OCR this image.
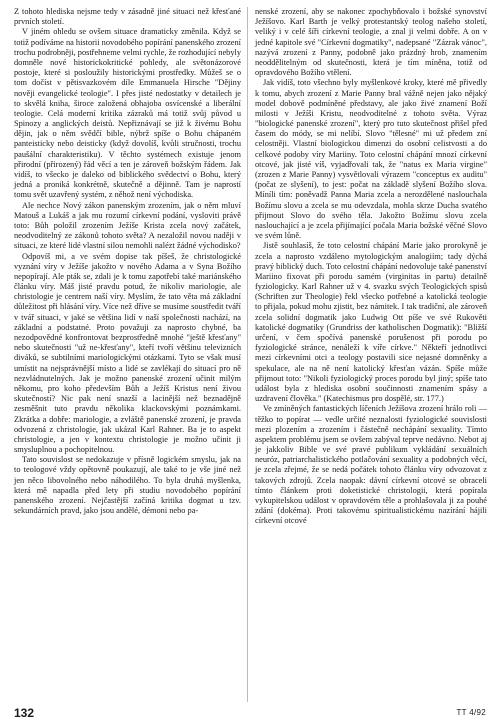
Z tohoto hlediska nejsme tedy v zásadně jiné situaci než křesťané prvních století.

V jiném ohledu se ovšem situace dramaticky změnila. Když se totiž podíváme na historii novodobého popírání panenského zrození trochu podrobněji, postřehneme velmi rychle, že rozhodující nebyly domněle nové historickokritické pohledy, ale světonázorové postoje, které si posloužily historickými prostředky. Můžeš se o tom dočíst v pětisvazkovém díle Emmanuela Hirsche "Dějiny nověji evangelické teologie". I přes jisté nedostatky v detailech je to skvělá kniha, široce založená obhajoba osvícenské a liberální teologie. Celá moderní kritika zázraků má totiž svůj původ u Spinozy a anglických deistů. Nepřiznávají se již k živému Bohu dějin, jak o něm svědčí bible, nýbrž spíše o Bohu chápaném panteisticky nebo deisticky (když dovolíš, kvůli stručnosti, trochu paušální charakteristiku). V těchto systémech existuje jenom přirodní (přirozený) řád věcí a ten je zároveň božským řádem. Jak vidíš, to všecko je daleko od biblického svědectví o Bohu, který jedná a proniká konkrétně, skutečně a dějinně. Tam je naprostí tomu svět uzavřený systém, z něhož není východiska.

Ale nechce Nový zákon panenským zrozením, jak o něm mluví Matouš a Lukáš a jak mu rozumí církevní podání, vysloviti právě toto: Bůh položil zrozením Ježíše Krista zcela nový začátek, neodvoditelný ze zákonů tohoto světa? A nezaložil novou naději v situaci, ze které lidé vlastní silou nemohli nalézt žádné východisko?

Odpovíš mi, a ve svém dopise tak píšeš, že christologické vyznání víry v Ježíše jakožto v nového Adama a v Syna Božího nepopírají. Ale pták se, zdali je k tomu zapotřebí také mariánského článku víry. Máš jisté pravdu potud, že nikoliv mariologie, ale christologie je centrem naší víry. Myslím, že tato věta má základní důležitost při hlásání víry. Více než dříve se musíme soustředit tváří v tvář situaci, v jaké se většina lidí v naší společnosti nachází, na základní a podstatné. Proto považuji za naprosto chybné, ba nezodpovědné konfrontovat bezprostředně mnohé "ještě křesťany" nebo skutečnosti "už ne-křesťany", kteří tvoří většinu televizních diváků, se subtilními mariologickými otázkami. Tyto se však musí umístit na nejsprávnější místo a lidé se zavlékají do situací pro ně nezvládnutelných. Jak je možno panenské zrození učinit milým někomu, pro koho především Bůh a Ježíš Kristus není živou skutečností? Nic pak není snazší a lacinější než beznadějně zesměšnit tuto pravdu několika klackovskými poznámkami. Zkrátka a dobře: mariologie, a zvláště panenské zrození, je pravda odvozená z christologie, jak ukázal Karl Rahner. Ba je to aspekt christologie, a jen v kontextu christologie je možno učinit ji smysluplnou a pochopitelnou.

Tato souvislost se nedokazuje v přísně logickém smyslu, jak na to teologové vždy opětovně poukazují, ale také to je vše jiné než jen něco libovolného nebo náhodilého. To byla druhá myšlenka, která mě napadla před lety při studiu novodobého popírání panenského zrození. Nejčastější začíná kritika dogmat u tzv. sekundárních pravd, jako jsou andělé, démoni nebo pa-

nenské zrození, aby se nakonec zpochybňovalo i božské synovství Ježíšovo. Karl Barth je velký protestantský teolog našeho století, veliký i v celé šíři církevní teologie, a znal ji velmi dobře. A on v jedné kapitole své "Církevní dogmatiky", nadepsané "Zázrak vánoc", nazývá zrození z Panny, podobně jako prázdný hrob, znamením neoddělitelným od skutečnosti, která je tím míněna, totiž od opravdového Božího vtělení.

Jak vidíš, toto všechno byly myšlenkové kroky, které mě přivedly k tomu, abych zrození z Marie Panny bral vážně nejen jako nějaký model dobově podmíněné představy, ale jako živé znamení Boží milosti v Ježíši Kristu, neodvoditelné z tohoto světa. Výraz "biologické panenské zrození", který pro tuto skutečnost přišel před časem do módy, se mi nelíbí. Slovo "tělesné" mi už předem zní celostněji. Vlastní biologickou dimenzi do osobní celistvosti a do celkové podoby víry Mariiny. Toto celostní chápání mnozí církevní otcové, jak jisté víš, vyjadřovali tak, že "natus ex Maria virgine" (zrozen z Marie Panny) vysvětlovali výrazem "conceptus ex auditu" (počat ze slyšení), to jest: počat na základě slyšení Božího slova. Míníli tím: poněvadž Panna Maria zcela a nerozdělené naslouchala Božímu slovu a zcela se mu odevzdala, mohla skrze Ducha svatého přijmout Slovo do svého těla. Jakožto Božímu slovu zcela naslouchající a je zcela přijímající počala Maria božské věčné Slovo ve svém lůně.

Jistě souhlasíš, že toto celostní chápání Marie jako prorokyně je zcela a naprosto vzdáleno mytologickým analogiím; tady dýchá pravý biblický duch. Toto celostní chápání nedovoluje také panenství Mariino fixovat při porodu samém (virginitas in partu) detailně fyziologicky. Karl Rahner už v 4. svazku svých Teologických spisů (Schriften zur Theologie) řekl všecko potřebné a katolická teologie to přijala, pokud mohu zjistit, bez námitek. I tak tradiční, ale zároveň zcela solidní dogmatik jako Ludwig Ott píše ve své Rukověti katolické dogmatiky (Grundriss der katholischen Dogmatik): "Bližší určení, v čem spočívá panenské porušenost při porodu po fyziologické stránce, nenáleží k víře církve." Někteří jednotlivci mezi církevními otci a teology postavili sice nejasné domněnky a spekulace, ale na ně není katolický křesťan vázán. Spíše může přijmout toto: "Nikoli fyziologický proces porodu byl jiný; spíše tato událost byla z hlediska osobní součinnosti znamením spásy a uzdravení člověka." (Katechismus pro dospělé, str. 177.)

Ve zmíněných fantastických líčeních Ježíšova zrození hrálo roli — těžko to popírat — vedle určité neznalosti fyziologické souvislosti mezi plozením a zrozením i částečně nechápání sexuality. Tímto aspektem problému jsem se ovšem zabýval teprve nedávno. Nebot aj je jakkoliv Bible ve své pravé publikum vykládání sexuálních neuróz, patriarchalistického potlačování sexuality a podobných věcí, je zcela zřejmé, že se nedá počátek tohoto článku víry odvozovat z takových zdrojů. Zcela naopak: dávní církevní otcové se obraceli tímto článkem proti doketistické christologii, která popírala vykupitelskou událost v opravdovém těle a prohlašovala ji za pouhé zdání (dokéma). Proti takovému spiritualistickému nazírání hájili církevní otcové

132	TT 4/92
